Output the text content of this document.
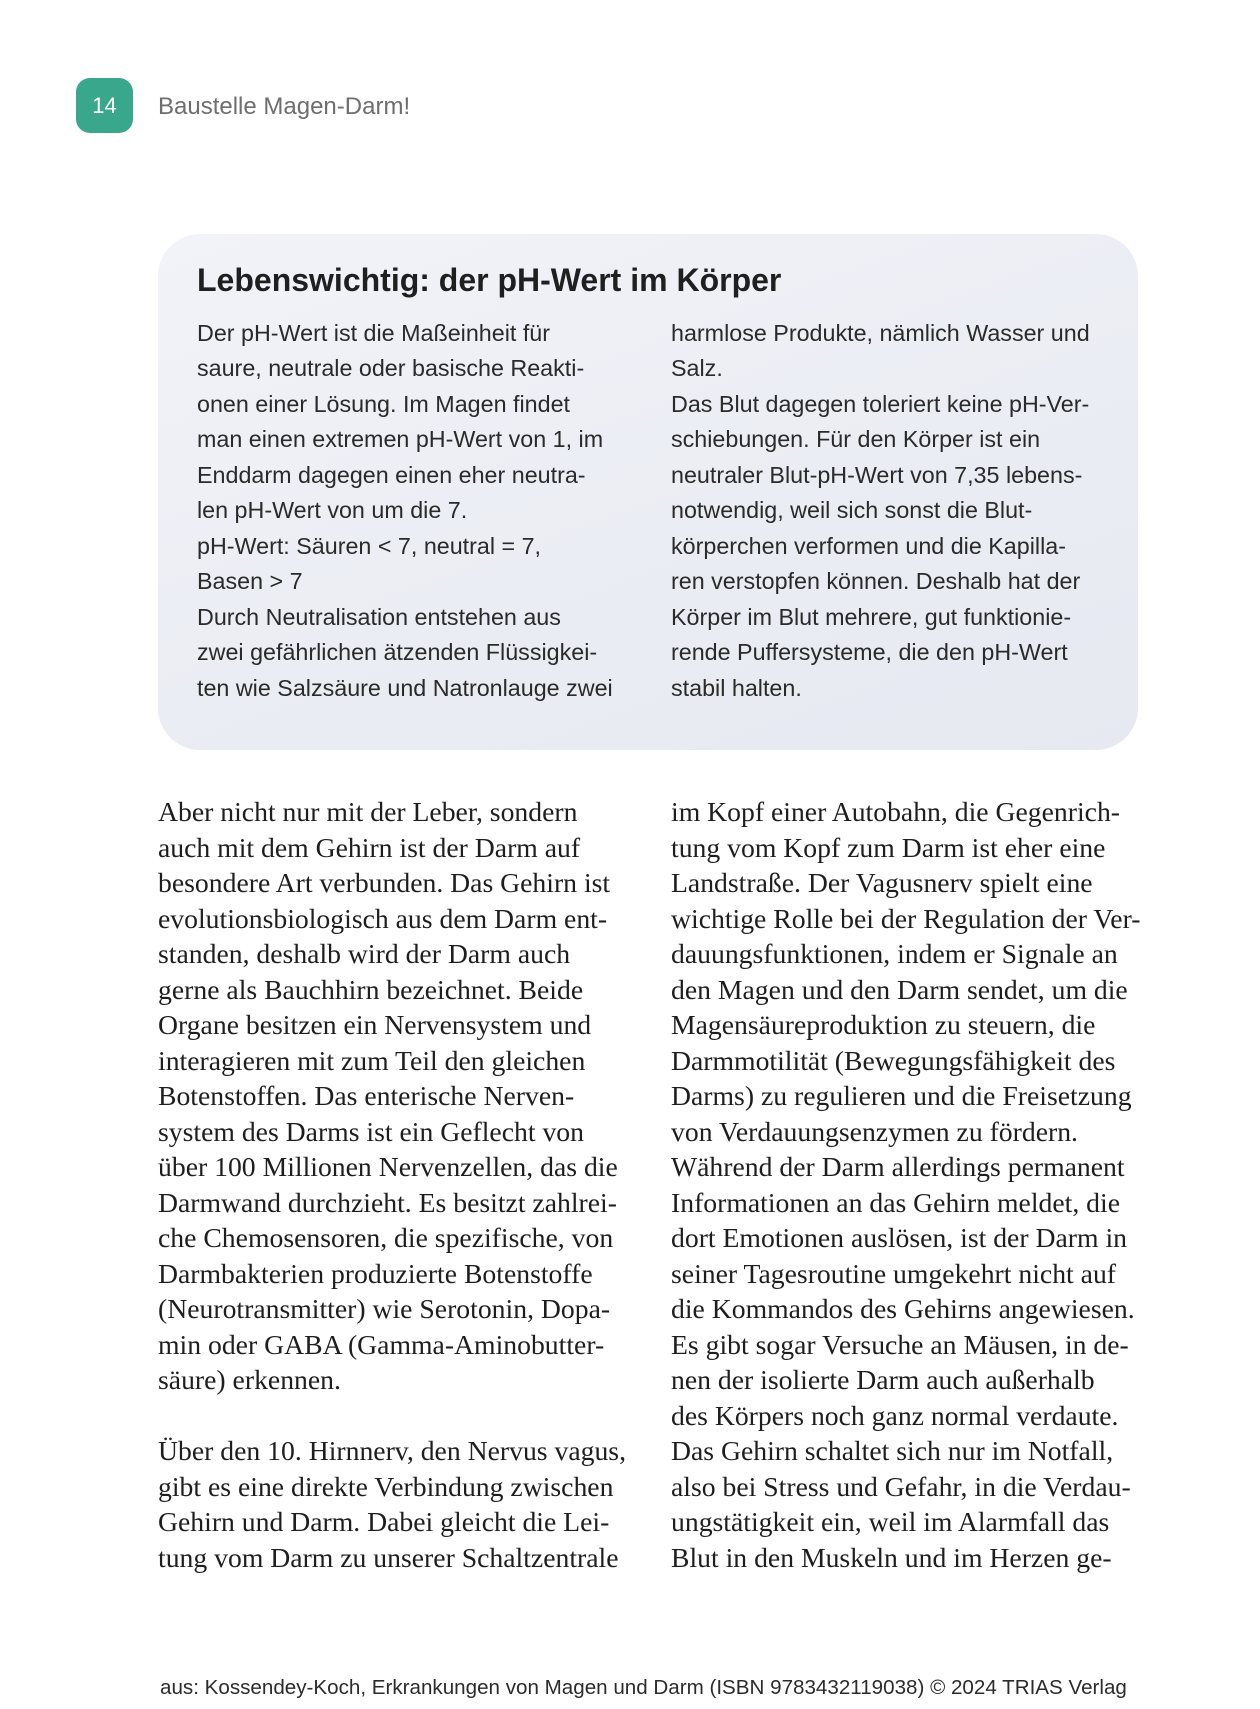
14	Baustelle Magen-Darm!
Lebenswichtig: der pH-Wert im Körper
Der pH-Wert ist die Maßeinheit für
saure, neutrale oder basische Reakti-
onen einer Lösung. Im Magen findet
man einen extremen pH-Wert von 1, im
Enddarm dagegen einen eher neutra-
len pH-Wert von um die 7.
pH-Wert: Säuren < 7, neutral = 7,
Basen > 7
Durch Neutralisation entstehen aus
zwei gefährlichen ätzenden Flüssigkei-
ten wie Salzsäure und Natronlauge zwei
harmlose Produkte, nämlich Wasser und
Salz.
Das Blut dagegen toleriert keine pH-Ver-
schiebungen. Für den Körper ist ein
neutraler Blut-pH-Wert von 7,35 lebens-
notwendig, weil sich sonst die Blut-
körperchen verformen und die Kapilla-
ren verstopfen können. Deshalb hat der
Körper im Blut mehrere, gut funktionie-
rende Puffersysteme, die den pH-Wert
stabil halten.
Aber nicht nur mit der Leber, sondern
auch mit dem Gehirn ist der Darm auf
besondere Art verbunden. Das Gehirn ist
evolutionsbiologisch aus dem Darm ent-
standen, deshalb wird der Darm auch
gerne als Bauchhirn bezeichnet. Beide
Organe besitzen ein Nervensystem und
interagieren mit zum Teil den gleichen
Botenstoffen. Das enterische Nerven-
system des Darms ist ein Geflecht von
über 100 Millionen Nervenzellen, das die
Darmwand durchzieht. Es besitzt zahlrei-
che Chemosensoren, die spezifische, von
Darmbakterien produzierte Botenstoffe
(Neurotransmitter) wie Serotonin, Dopa-
min oder GABA (Gamma-Aminobutter-
säure) erkennen.
Über den 10. Hirnnerv, den Nervus vagus,
gibt es eine direkte Verbindung zwischen
Gehirn und Darm. Dabei gleicht die Lei-
tung vom Darm zu unserer Schaltzentrale
im Kopf einer Autobahn, die Gegenrich-
tung vom Kopf zum Darm ist eher eine
Landstraße. Der Vagusnerv spielt eine
wichtige Rolle bei der Regulation der Ver-
dauungsfunktionen, indem er Signale an
den Magen und den Darm sendet, um die
Magensäureproduktion zu steuern, die
Darmmotilität (Bewegungsfähigkeit des
Darms) zu regulieren und die Freisetzung
von Verdauungsenzymen zu fördern.
Während der Darm allerdings permanent
Informationen an das Gehirn meldet, die
dort Emotionen auslösen, ist der Darm in
seiner Tagesroutine umgekehrt nicht auf
die Kommandos des Gehirns angewiesen.
Es gibt sogar Versuche an Mäusen, in de-
nen der isolierte Darm auch außerhalb
des Körpers noch ganz normal verdaute.
Das Gehirn schaltet sich nur im Notfall,
also bei Stress und Gefahr, in die Verdau-
ungstätigkeit ein, weil im Alarmfall das
Blut in den Muskeln und im Herzen ge-
aus: Kossendey-Koch, Erkrankungen von Magen und Darm (ISBN 9783432119038) © 2024 TRIAS Verlag
